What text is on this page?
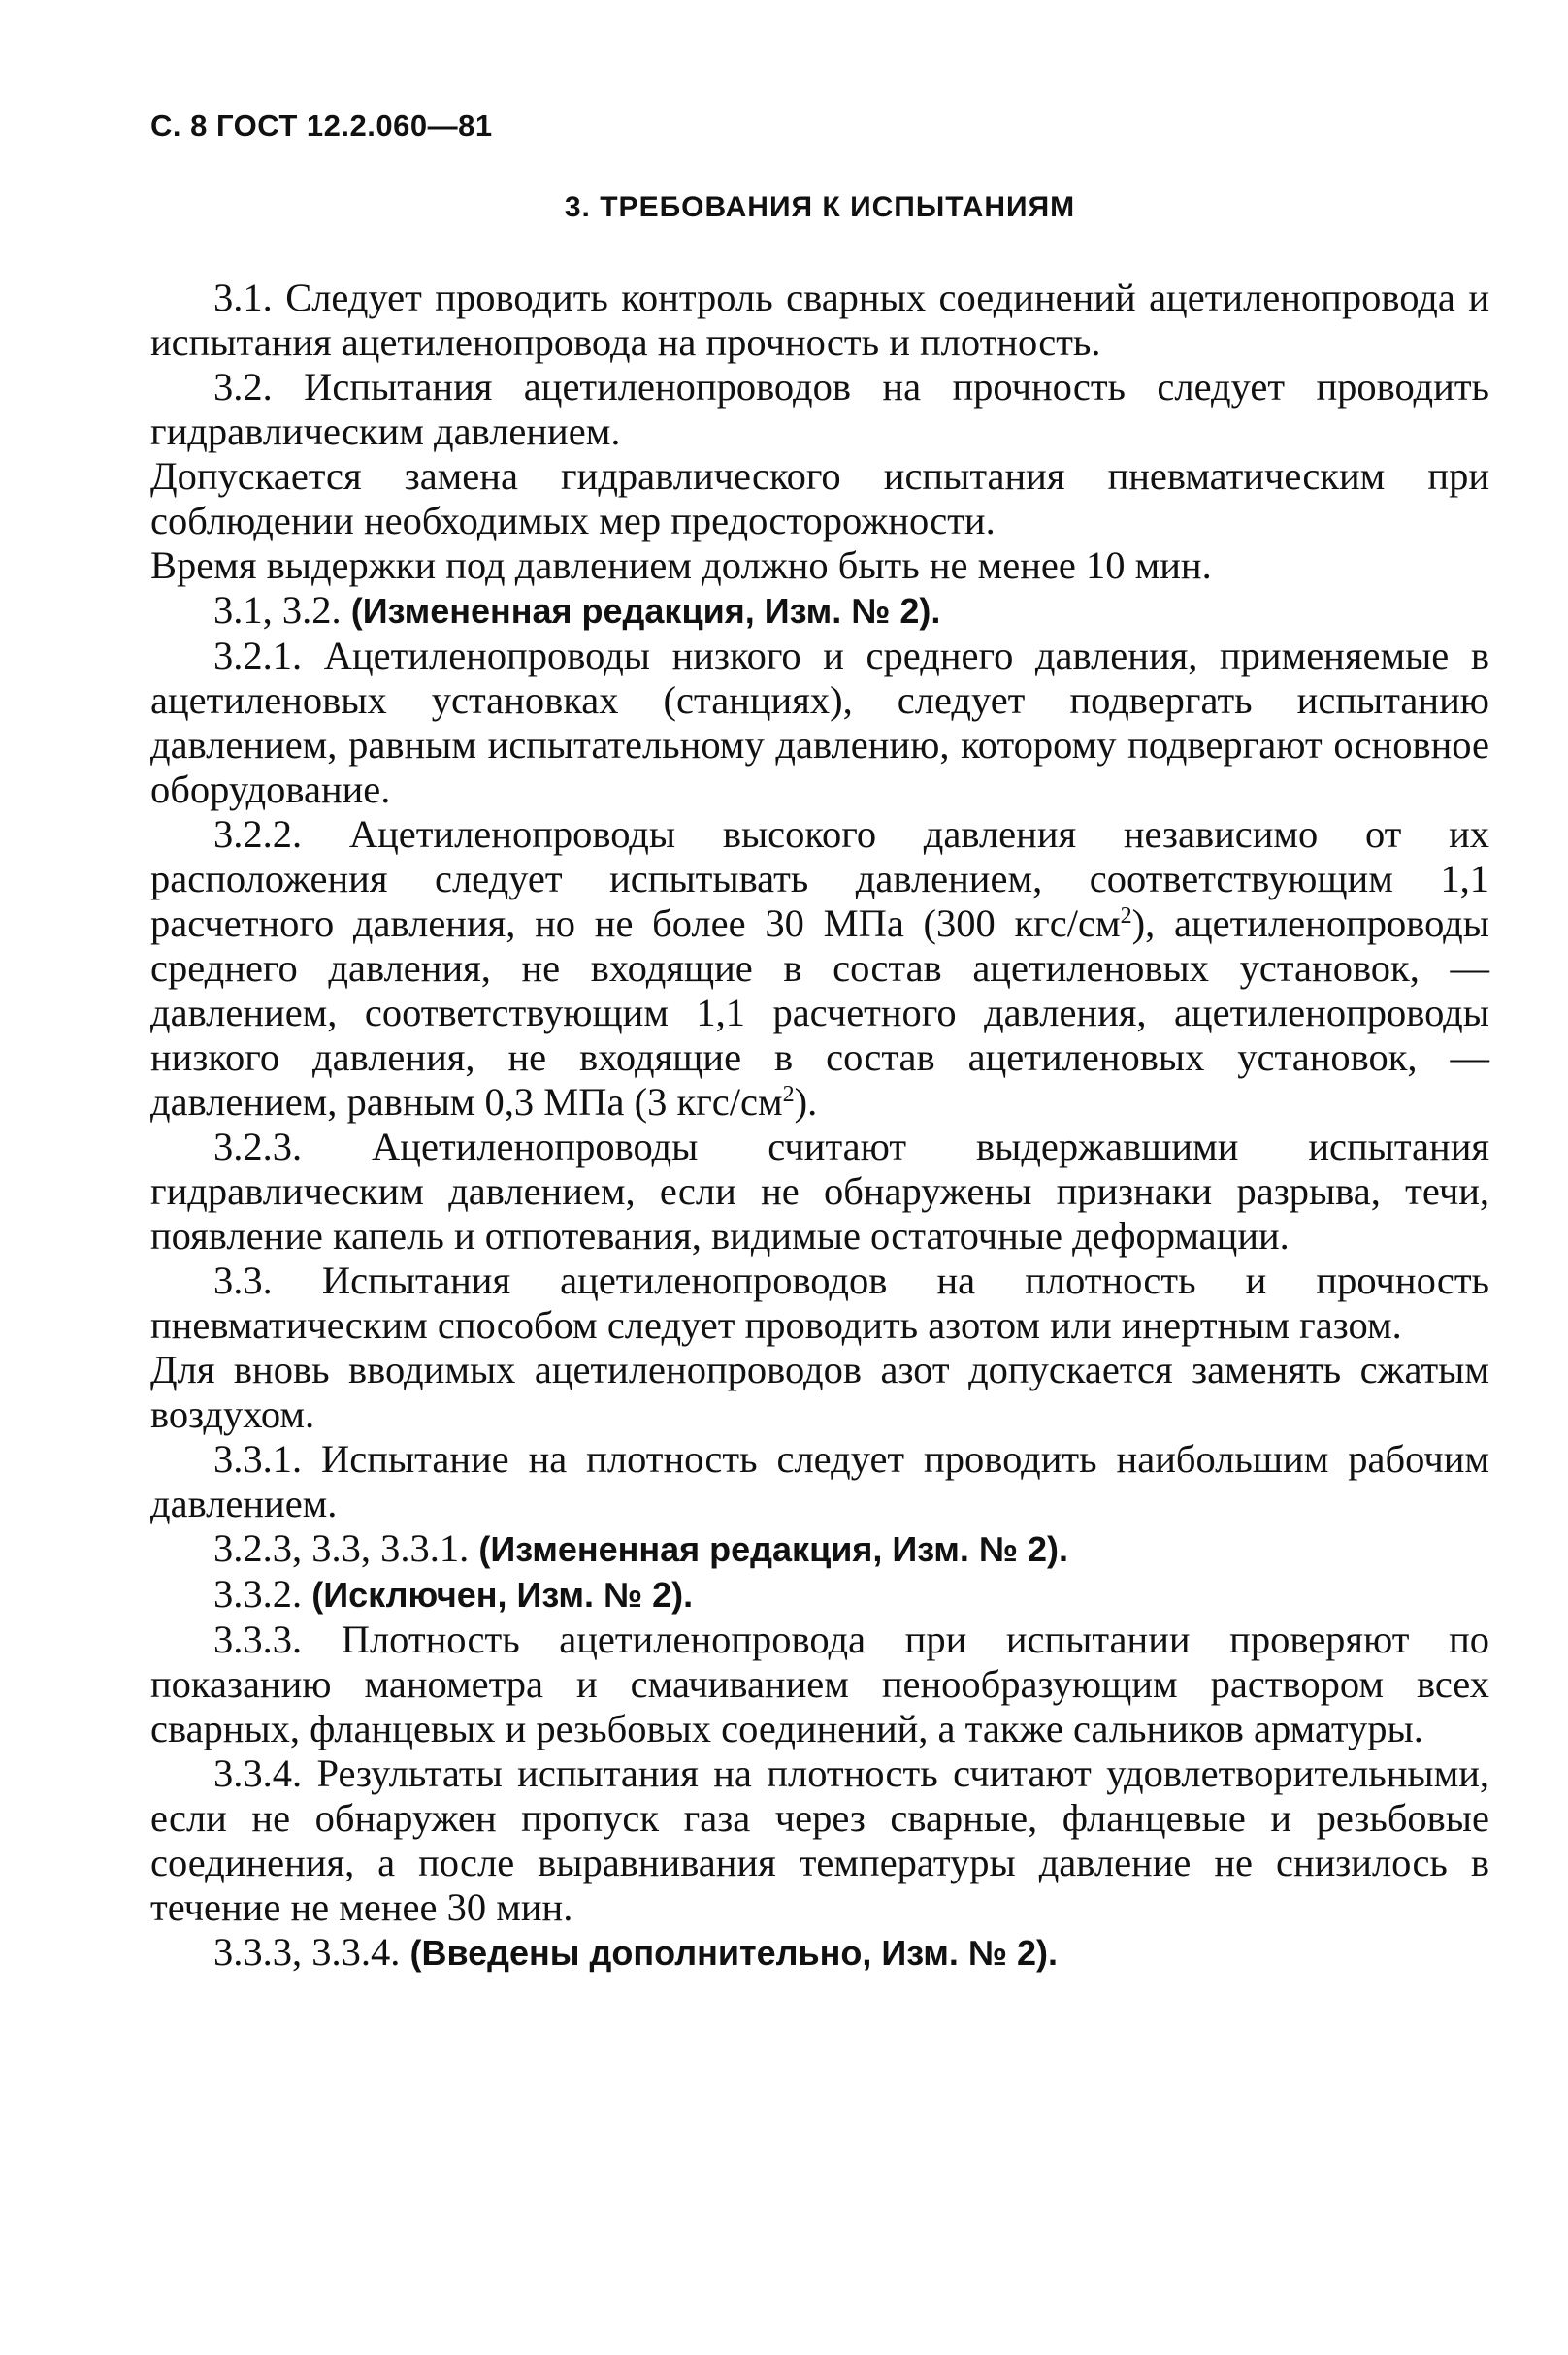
С. 8 ГОСТ 12.2.060—81
3. ТРЕБОВАНИЯ К ИСПЫТАНИЯМ

3.1. Следует проводить контроль сварных соединений ацетиленопровода и испытания ацетиленопровода на прочность и плотность.

3.2. Испытания ацетиленопроводов на прочность следует проводить гидравлическим давлением.

Допускается замена гидравлического испытания пневматическим при соблюдении необходимых мер предосторожности.

Время выдержки под давлением должно быть не менее 10 мин.

3.1, 3.2. (Измененная редакция, Изм. № 2).

3.2.1. Ацетиленопроводы низкого и среднего давления, применяемые в ацетиленовых установках (станциях), следует подвергать испытанию давлением, равным испытательному давлению, которому подвергают основное оборудование.

3.2.2. Ацетиленопроводы высокого давления независимо от их расположения следует испытывать давлением, соответствующим 1,1 расчетного давления, но не более 30 МПа (300 кгс/$см^2$), ацетиленопроводы среднего давления, не входящие в состав ацетиленовых установок, — давлением, соответствующим 1,1 расчетного давления, ацетиленопроводы низкого давления, не входящие в состав ацетиленовых установок, — давлением, равным 0,3 МПа (3 кгс/$см^2$).

3.2.3. Ацетиленопроводы считают выдержавшими испытания гидравлическим давлением, если не обнаружены признаки разрыва, течи, появление капель и отпотевания, видимые остаточные деформации.

3.3. Испытания ацетиленопроводов на плотность и прочность пневматическим способом следует проводить азотом или инертным газом.

Для вновь вводимых ацетиленопроводов азот допускается заменять сжатым воздухом.

3.3.1. Испытание на плотность следует проводить наибольшим рабочим давлением.

3.2.3, 3.3, 3.3.1. (Измененная редакция, Изм. № 2).

3.3.2. (Исключен, Изм. № 2).

3.3.3. Плотность ацетиленопровода при испытании проверяют по показанию манометра и смачиванием пенообразующим раствором всех сварных, фланцевых и резьбовых соединений, а также сальников арматуры.

3.3.4. Результаты испытания на плотность считают удовлетворительными, если не обнаружен пропуск газа через сварные, фланцевые и резьбовые соединения, а после выравнивания температуры давление не снизилось в течение не менее 30 мин.

3.3.3, 3.3.4. (Введены дополнительно, Изм. № 2).
